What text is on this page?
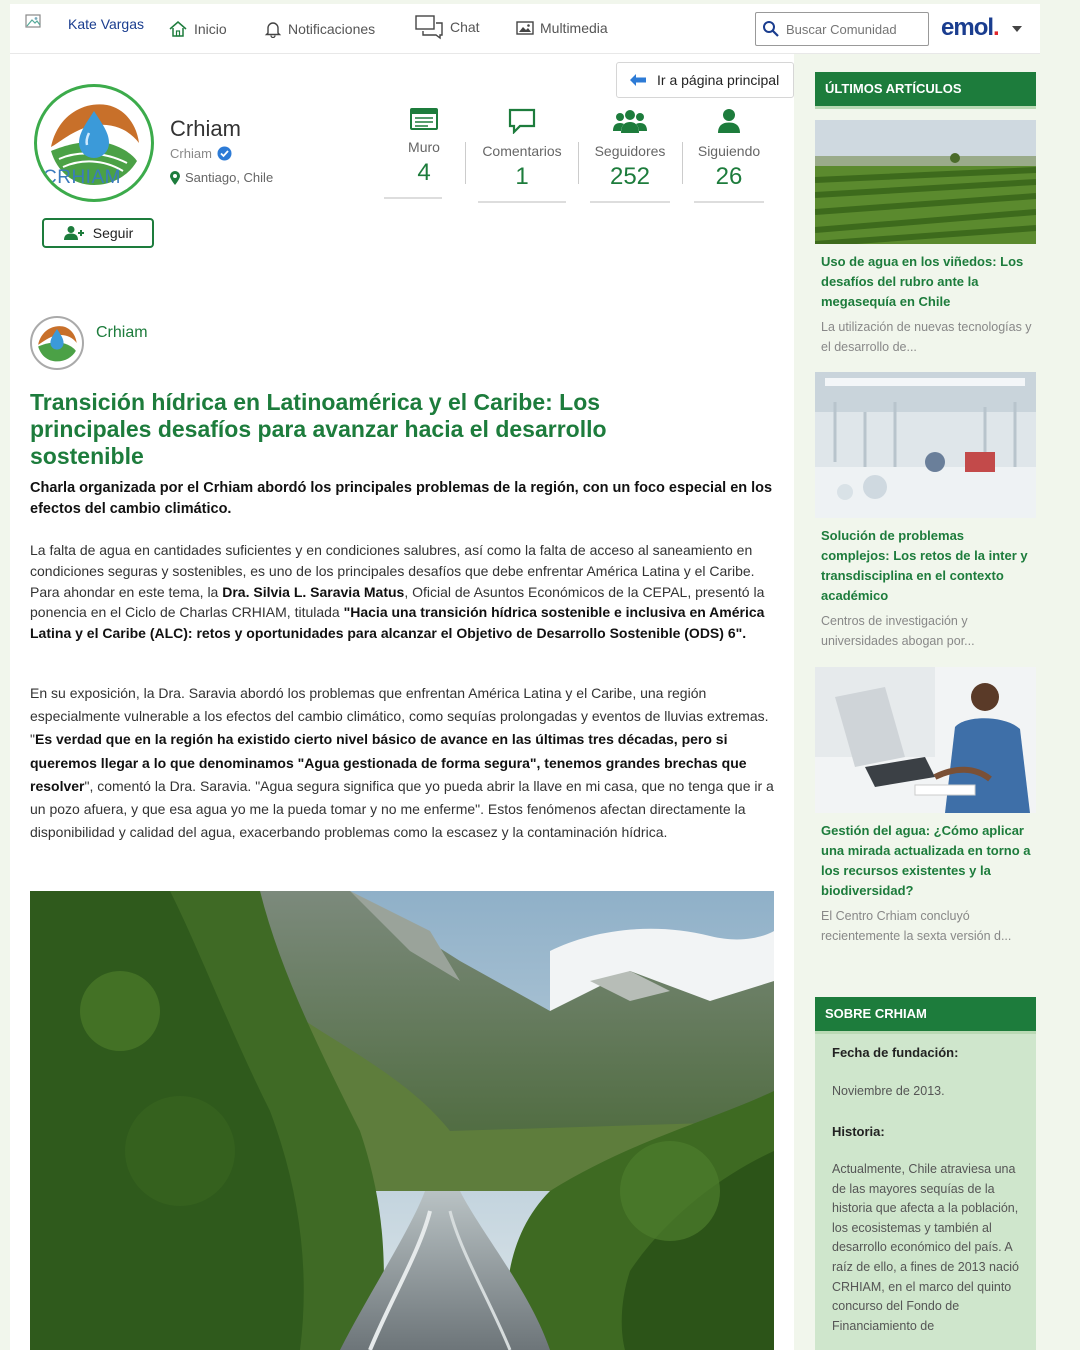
Kate Vargas	Inicio	Notificaciones	Chat	Multimedia
Buscar Comunidad	emol.
Ir a página principal
CRHIAM
Crhiam
Crhiam
Santiago, Chile
Seguir
Muro
4
Comentarios
1
Seguidores
252
Siguiendo
26
Crhiam
Transición hídrica en Latinoamérica y el Caribe: Los principales desafíos para avanzar hacia el desarrollo sostenible
Charla organizada por el Crhiam abordó los principales problemas de la región, con un foco especial en los efectos del cambio climático.
La falta de agua en cantidades suficientes y en condiciones salubres, así como la falta de acceso al saneamiento en condiciones seguras y sostenibles, es uno de los principales desafíos que debe enfrentar América Latina y el Caribe. Para ahondar en este tema, la Dra. Silvia L. Saravia Matus, Oficial de Asuntos Económicos de la CEPAL, presentó la ponencia en el Ciclo de Charlas CRHIAM, titulada "Hacia una transición hídrica sostenible e inclusiva en América Latina y el Caribe (ALC): retos y oportunidades para alcanzar el Objetivo de Desarrollo Sostenible (ODS) 6".
En su exposición, la Dra. Saravia abordó los problemas que enfrentan América Latina y el Caribe, una región especialmente vulnerable a los efectos del cambio climático, como sequías prolongadas y eventos de lluvias extremas. "Es verdad que en la región ha existido cierto nivel básico de avance en las últimas tres décadas, pero si queremos llegar a lo que denominamos "Agua gestionada de forma segura", tenemos grandes brechas que resolver", comentó la Dra. Saravia. "Agua segura significa que yo pueda abrir la llave en mi casa, que no tenga que ir a un pozo afuera, y que esa agua yo me la pueda tomar y no me enferme". Estos fenómenos afectan directamente la disponibilidad y calidad del agua, exacerbando problemas como la escasez y la contaminación hídrica.
ÚLTIMOS ARTÍCULOS
Uso de agua en los viñedos: Los desafíos del rubro ante la megasequía en Chile
La utilización de nuevas tecnologías y el desarrollo de...
Solución de problemas complejos: Los retos de la inter y transdisciplina en el contexto académico
Centros de investigación y universidades abogan por...
Gestión del agua: ¿Cómo aplicar una mirada actualizada en torno a los recursos existentes y la biodiversidad?
El Centro Crhiam concluyó recientemente la sexta versión d...
SOBRE CRHIAM
Fecha de fundación:
Noviembre de 2013.
Historia:
Actualmente, Chile atraviesa una de las mayores sequías de la historia que afecta a la población, los ecosistemas y también al desarrollo económico del país. A raíz de ello, a fines de 2013 nació CRHIAM, en el marco del quinto concurso del Fondo de Financiamiento de
